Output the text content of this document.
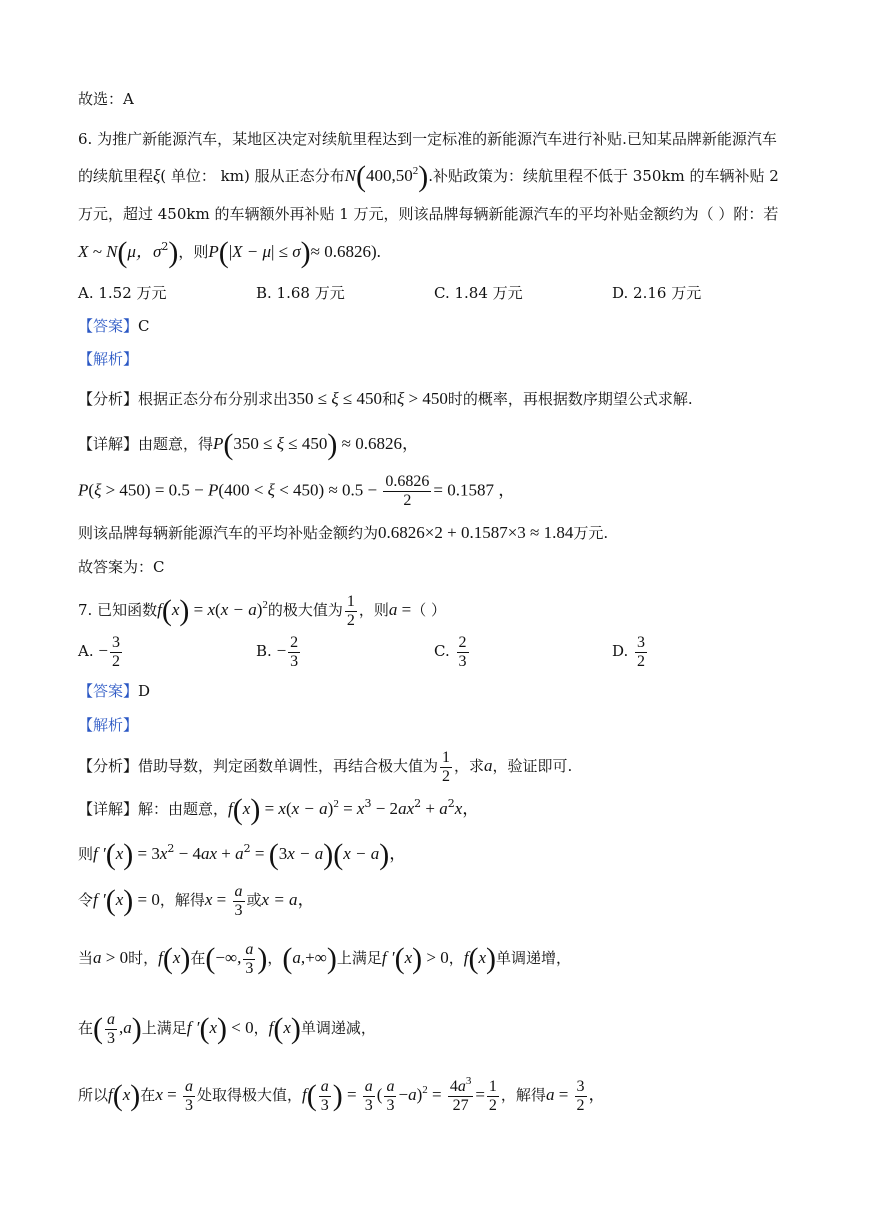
故选：A
6. 为推广新能源汽车，某地区决定对续航里程达到一定标准的新能源汽车进行补贴.已知某品牌新能源汽车
的续航里程ξ( 单位： km) 服从正态分布N(400,50$^2$).补贴政策为：续航里程不低于 350km 的车辆补贴 2
万元，超过 450km 的车辆额外再补贴 1 万元，则该品牌每辆新能源汽车的平均补贴金额约为（ ）附：若
X ~ N(μ，$\sigma^2$)，则P(|X − μ| ≤ σ)≈ 0.6826).
A. 1.52 万元	B. 1.68 万元	C. 1.84 万元	D. 2.16 万元
【答案】C
【解析】
【分析】根据正态分布分别求出350 ≤ ξ ≤ 450和ξ > 450时的概率，再根据数序期望公式求解.
【详解】由题意，得P(350 ≤ ξ ≤ 450) ≈ 0.6826，
$P(\xi > 450) = 0.5 - P(400 < \xi < 450) \approx 0.5 - \frac{0.6826}{2} = 0.1587$ ，
则该品牌每辆新能源汽车的平均补贴金额约为0.6826×2 + 0.1587×3 ≈ 1.84万元.
故答案为：C
7. 已知函数$f(x) = x(x - a)^2$的极大值为 $\frac{1}{2}$ ，则a =（ ）
A. − $\frac{3}{2}$	B. − $\frac{2}{3}$	C. $\frac{2}{3}$	D. $\frac{3}{2}$
【答案】D
【解析】
【分析】借助导数，判定函数单调性，再结合极大值为 $\frac{1}{2}$ ，求a，验证即可.
【详解】解：由题意，$f(x) = x(x - a)^2 = x^3 - 2ax^2 + a^2x$，
则f $'(x) = 3x^2 - 4ax + a^2 = (3x - a)(x - a)$，
令f ′(x) = 0，解得$x = \frac{a}{3}$ 或x = a，
当a > 0时，f(x)在(−∞, $\frac{a}{3}$ )，(a,+∞)上满足f ′(x) > 0，f(x)单调递增，
在( $\frac{a}{3} ,a$)上满足f ′(x) < 0，f(x)单调递减，
所以f(x)在$x = \frac{a}{3}$ 处取得极大值，$f( \frac{a}{3}$ ) = $\frac{a}{3}$ ( $\frac{a}{3} -a)^2 = \frac{4a^3}{27} = \frac{1}{2}$ ，解得$a = \frac{3}{2}$ ，
